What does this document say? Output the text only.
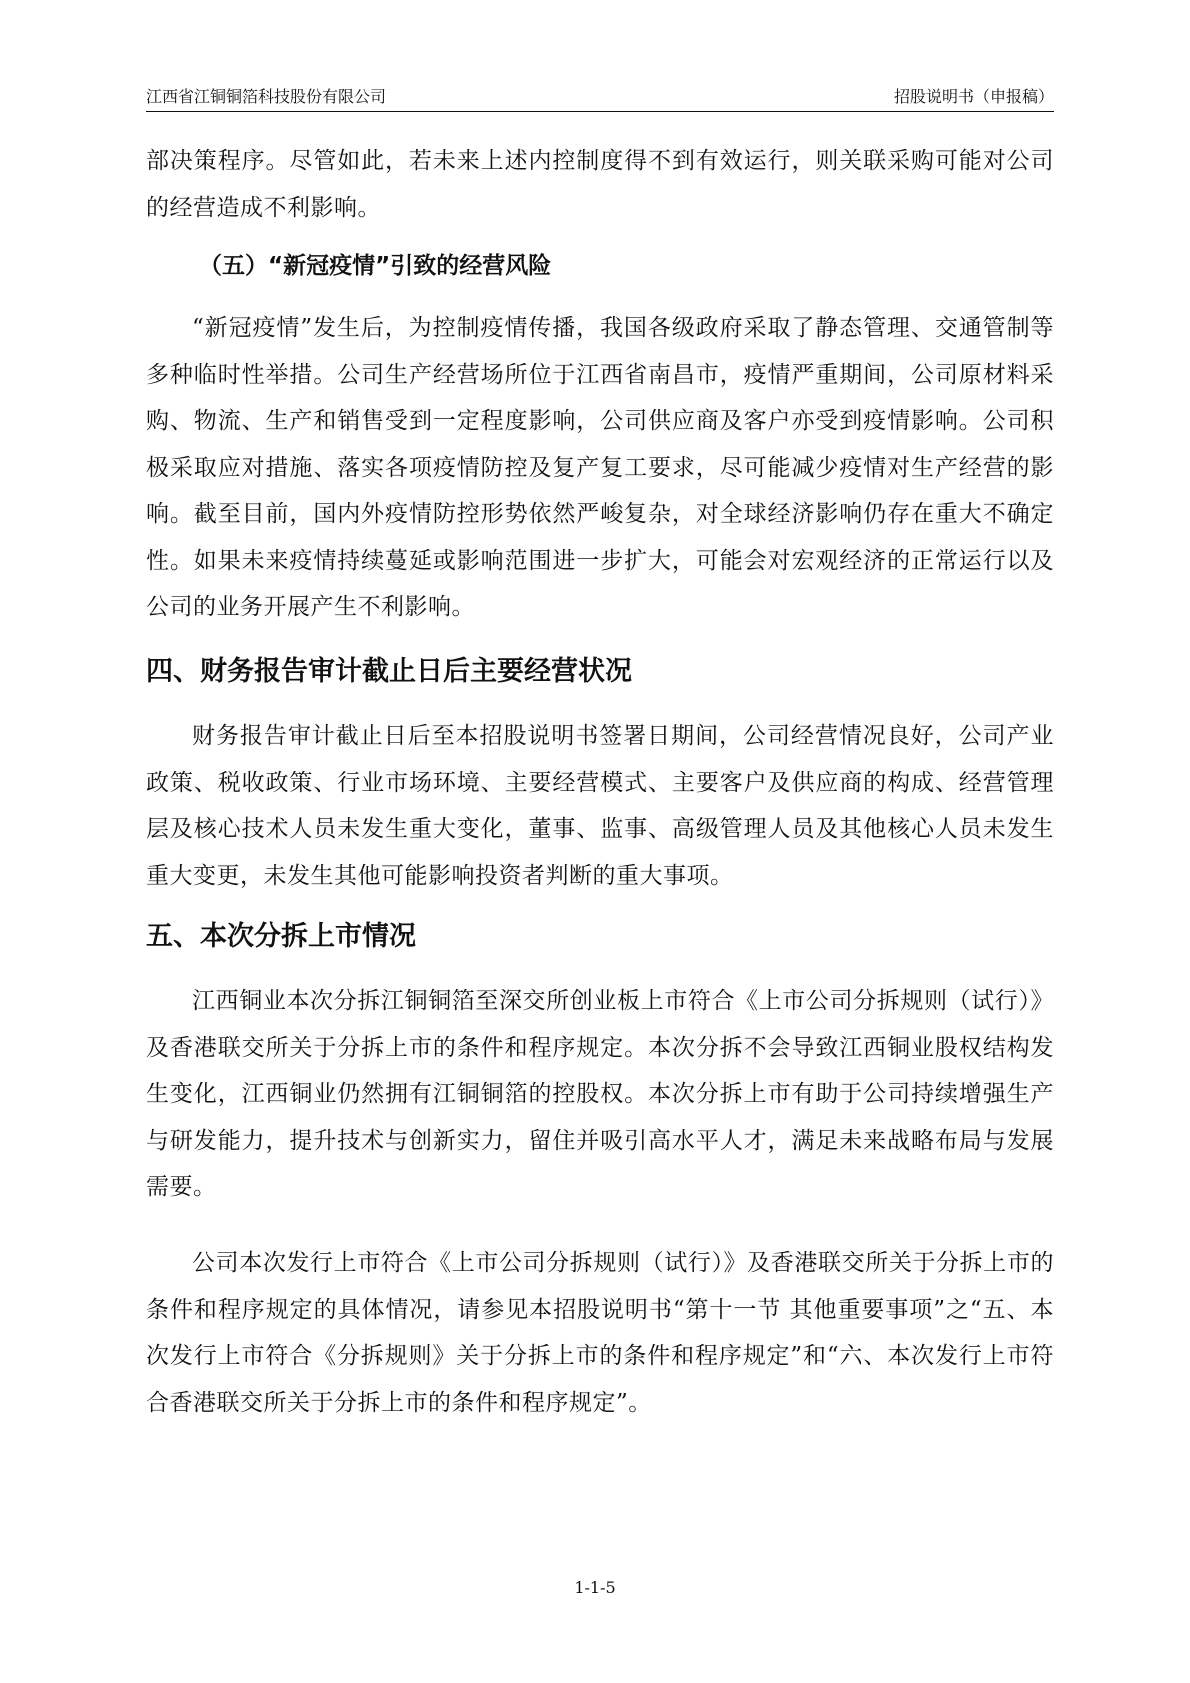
江西省江铜铜箔科技股份有限公司	招股说明书（申报稿）

部决策程序。尽管如此，若未来上述内控制度得不到有效运行，则关联采购可能对公司的经营造成不利影响。

（五）“新冠疫情”引致的经营风险

“新冠疫情”发生后，为控制疫情传播，我国各级政府采取了静态管理、交通管制等多种临时性举措。公司生产经营场所位于江西省南昌市，疫情严重期间，公司原材料采购、物流、生产和销售受到一定程度影响，公司供应商及客户亦受到疫情影响。公司积极采取应对措施、落实各项疫情防控及复产复工要求，尽可能减少疫情对生产经营的影响。截至目前，国内外疫情防控形势依然严峻复杂，对全球经济影响仍存在重大不确定性。如果未来疫情持续蔓延或影响范围进一步扩大，可能会对宏观经济的正常运行以及公司的业务开展产生不利影响。

四、财务报告审计截止日后主要经营状况

财务报告审计截止日后至本招股说明书签署日期间，公司经营情况良好，公司产业政策、税收政策、行业市场环境、主要经营模式、主要客户及供应商的构成、经营管理层及核心技术人员未发生重大变化，董事、监事、高级管理人员及其他核心人员未发生重大变更，未发生其他可能影响投资者判断的重大事项。

五、本次分拆上市情况

江西铜业本次分拆江铜铜箔至深交所创业板上市符合《上市公司分拆规则（试行）》及香港联交所关于分拆上市的条件和程序规定。本次分拆不会导致江西铜业股权结构发生变化，江西铜业仍然拥有江铜铜箔的控股权。本次分拆上市有助于公司持续增强生产与研发能力，提升技术与创新实力，留住并吸引高水平人才，满足未来战略布局与发展需要。

公司本次发行上市符合《上市公司分拆规则（试行）》及香港联交所关于分拆上市的条件和程序规定的具体情况，请参见本招股说明书“第十一节 其他重要事项”之“五、本次发行上市符合《分拆规则》关于分拆上市的条件和程序规定”和“六、本次发行上市符合香港联交所关于分拆上市的条件和程序规定”。

1-1-5
